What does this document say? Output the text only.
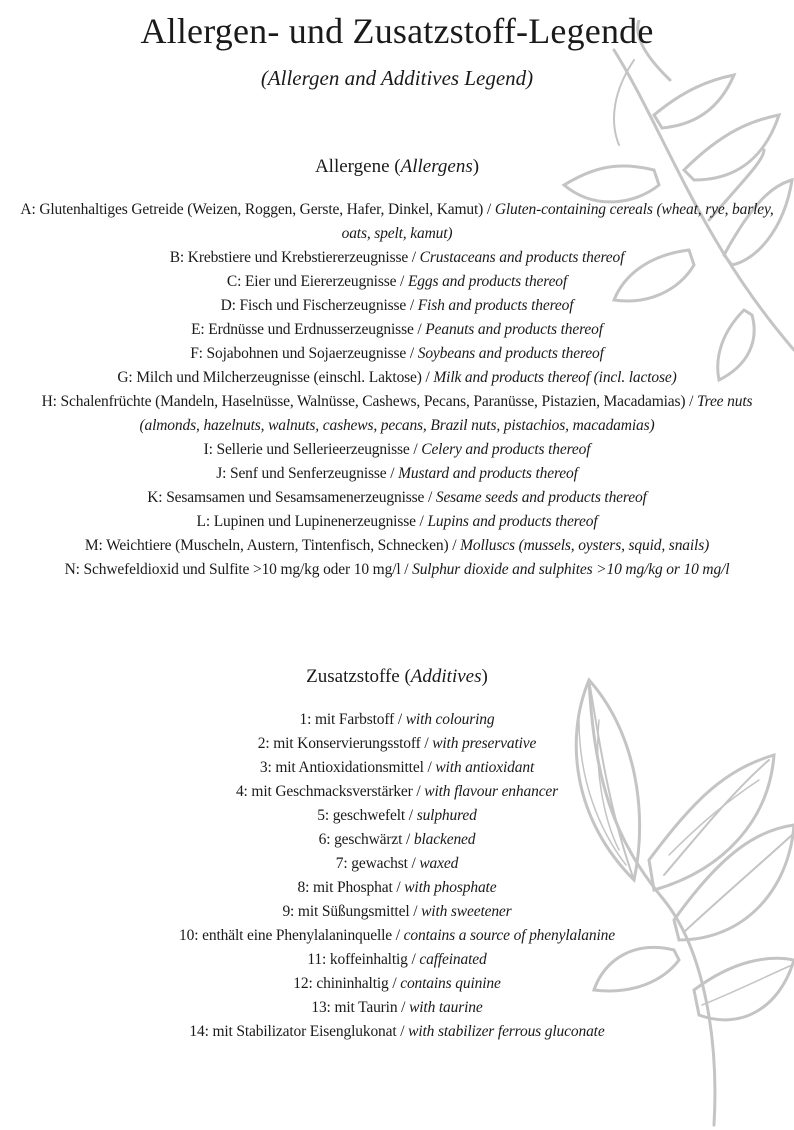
Allergen- und Zusatzstoff-Legende
(Allergen and Additives Legend)
Allergene (Allergens)
A: Glutenhaltiges Getreide (Weizen, Roggen, Gerste, Hafer, Dinkel, Kamut) / Gluten-containing cereals (wheat, rye, barley, oats, spelt, kamut)
B: Krebstiere und Krebstiererzeugnisse / Crustaceans and products thereof
C: Eier und Eiererzeugnisse / Eggs and products thereof
D: Fisch und Fischerzeugnisse / Fish and products thereof
E: Erdnüsse und Erdnusserzeugnisse / Peanuts and products thereof
F: Sojabohnen und Sojaerzeugnisse / Soybeans and products thereof
G: Milch und Milcherzeugnisse (einschl. Laktose) / Milk and products thereof (incl. lactose)
H: Schalenfrüchte (Mandeln, Haselnüsse, Walnüsse, Cashews, Pecans, Paranüsse, Pistazien, Macadamias) / Tree nuts (almonds, hazelnuts, walnuts, cashews, pecans, Brazil nuts, pistachios, macadamias)
I: Sellerie und Sellerieerzeugnisse / Celery and products thereof
J: Senf und Senferzeugnisse / Mustard and products thereof
K: Sesamsamen und Sesamsamenerzeugnisse / Sesame seeds and products thereof
L: Lupinen und Lupinenerzeugnisse / Lupins and products thereof
M: Weichtiere (Muscheln, Austern, Tintenfisch, Schnecken) / Molluscs (mussels, oysters, squid, snails)
N: Schwefeldioxid und Sulfite >10 mg/kg oder 10 mg/l / Sulphur dioxide and sulphites >10 mg/kg or 10 mg/l
Zusatzstoffe (Additives)
1: mit Farbstoff / with colouring
2: mit Konservierungsstoff / with preservative
3: mit Antioxidationsmittel / with antioxidant
4: mit Geschmacksverstärker / with flavour enhancer
5: geschwefelt / sulphured
6: geschwärzt / blackened
7: gewachst / waxed
8: mit Phosphat / with phosphate
9: mit Süßungsmittel / with sweetener
10: enthält eine Phenylalaninquelle / contains a source of phenylalanine
11: koffeinhaltig / caffeinated
12: chininhaltig / contains quinine
13: mit Taurin / with taurine
14: mit Stabilizator Eisenglukonat / with stabilizer ferrous gluconate
